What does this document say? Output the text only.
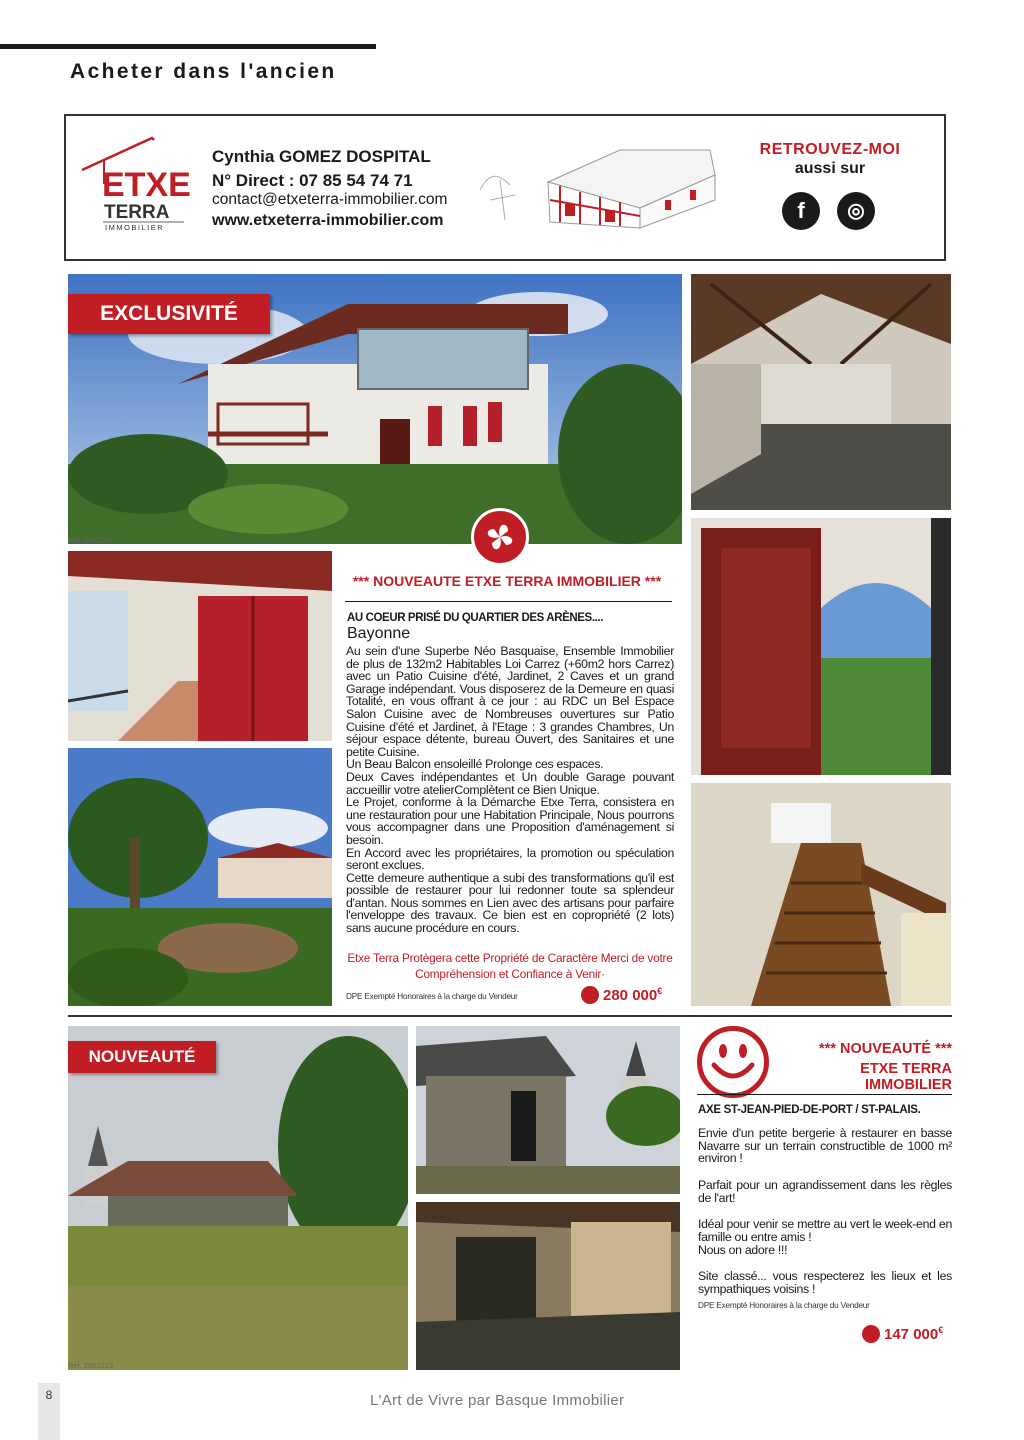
Acheter dans l'ancien
ETXE
TERRA
IMMOBILIER
Cynthia GOMEZ DOSPITAL
N° Direct : 07 85 54 74 71
contact@etxeterra-immobilier.com
www.etxeterra-immobilier.com
RETROUVEZ-MOI
aussi sur
f	◎
EXCLUSIVITÉ
Réf. 2022218
*** NOUVEAUTE ETXE TERRA IMMOBILIER ***
AU COEUR PRISÉ DU QUARTIER DES ARÈNES....
Bayonne

Au sein d'une Superbe Néo Basquaise, Ensemble Immobilier de plus de 132m2 Habitables Loi Carrez (+60m2 hors Carrez) avec un Patio Cuisine d'été, Jardinet, 2 Caves et un grand Garage indépendant. Vous disposerez de la Demeure en quasi Totalité, en vous offrant à ce jour : au RDC un Bel Espace Salon Cuisine avec de Nombreuses ouvertures sur Patio Cuisine d'été et Jardinet, à l'Etage : 3 grandes Chambres, Un séjour espace détente, bureau Ouvert, des Sanitaires et une petite Cuisine.

Un Beau Balcon ensoleillé Prolonge ces espaces.

Deux Caves indépendantes et Un double Garage pouvant accueillir votre atelierComplètent ce Bien Unique.

Le Projet, conforme à la Démarche Etxe Terra, consistera en une restauration pour une Habitation Principale, Nous pourrons vous accompagner dans une Proposition d'aménagement si besoin.

En Accord avec les propriétaires, la promotion ou spéculation seront exclues.

Cette demeure authentique a subi des transformations qu'il est possible de restaurer pour lui redonner toute sa splendeur d'antan. Nous sommes en Lien avec des artisans pour parfaire l'enveloppe des travaux. Ce bien est en copropriété (2 lots) sans aucune procédure en cours.

Etxe Terra Protègera cette Propriété de Caractère Merci de votre Compréhension et Confiance à Venir·
DPE Exempté Honoraires à la charge du Vendeur	280 000€
NOUVEAUTÉ
Réf. 2022219
*** NOUVEAUTÉ ***
ETXE TERRA IMMOBILIER
AXE ST-JEAN-PIED-DE-PORT / ST-PALAIS.
Envie d'un petite bergerie à restaurer en basse Navarre sur un terrain constructible de 1000 m² environ !
Parfait pour un agrandissement dans les règles de l'art!
Idéal pour venir se mettre au vert le week-end en famille ou entre amis !
Nous on adore !!!
Site classé... vous respecterez les lieux et les sympathiques voisins !
DPE Exempté Honoraires à la charge du Vendeur
147 000€
8	L'Art de Vivre par Basque Immobilier
